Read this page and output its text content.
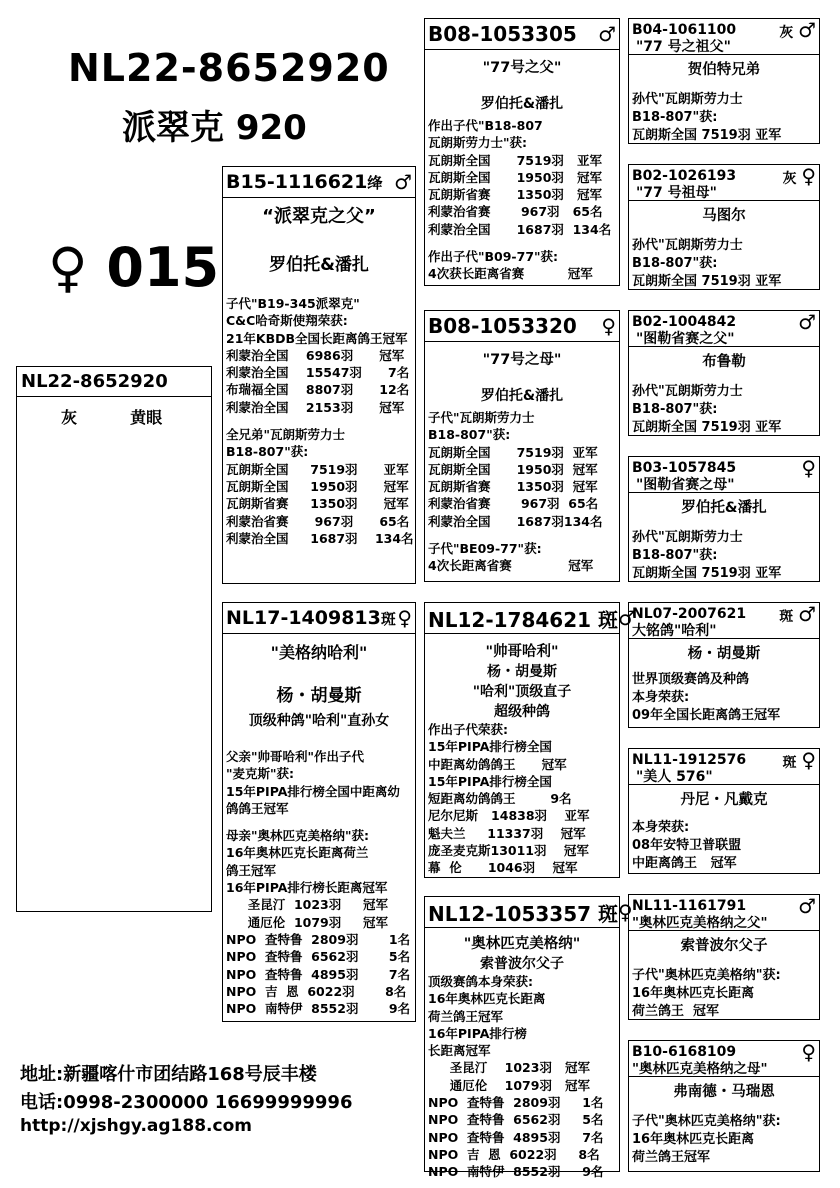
NL22-8652920
派翠克 920
♀ 015
NL22-8652920
灰	黄眼
B15-1116621绛 ♂
“派翠克之父”
罗伯托&潘扎
子代"B19-345派翠克"
C&C哈奇斯使翔荣获:
21年KBDB全国长距离鸽王冠军
利蒙治全国    6986羽      冠军
利蒙治全国    15547羽      7名
布瑞福全国    8807羽      12名
利蒙治全国    2153羽      冠军
全兄弟"瓦朗斯劳力士
B18-807"获:
瓦朗斯全国     7519羽      亚军
瓦朗斯全国     1950羽      冠军
瓦朗斯省赛     1350羽      冠军
利蒙治省赛      967羽      65名
利蒙治全国     1687羽    134名
NL17-1409813斑 ♀
"美格纳哈利"
杨・胡曼斯
顶级种鸽"哈利"直孙女
父亲"帅哥哈利"作出子代
"麦克斯"获:
15年PIPA排行榜全国中距离幼
鸽鸽王冠军
母亲"奥林匹克美格纳"获:
16年奥林匹克长距离荷兰
鸽王冠军
16年PIPA排行榜长距离冠军
圣昆汀  1023羽     冠军
通厄伦  1079羽     冠军
NPO  查特鲁  2809羽       1名
NPO  查特鲁  6562羽       5名
NPO  查特鲁  4895羽       7名
NPO  吉  恩  6022羽       8名
NPO  南特伊  8552羽       9名
B08-1053305 ♂
"77号之父"
罗伯托&潘扎
作出子代"B18-807
瓦朗斯劳力士"获:
瓦朗斯全国      7519羽   亚军
瓦朗斯全国      1950羽   冠军
瓦朗斯省赛      1350羽   冠军
利蒙治省赛       967羽   65名
利蒙治全国      1687羽  134名
作出子代"B09-77"获:
4次获长距离省赛          冠军
B08-1053320 ♀
"77号之母"
罗伯托&潘扎
子代"瓦朗斯劳力士
B18-807"获:
瓦朗斯全国      7519羽  亚军
瓦朗斯全国      1950羽  冠军
瓦朗斯省赛      1350羽  冠军
利蒙治省赛       967羽  65名
利蒙治全国      1687羽134名
子代"BE09-77"获:
4次长距离省赛             冠军
NL12-1784621 斑 ♂
"帅哥哈利"
杨・胡曼斯
"哈利"顶级直子
超级种鸽
作出子代荣获:
15年PIPA排行榜全国
中距离幼鸽鸽王      冠军
15年PIPA排行榜全国
短距离幼鸽鸽王        9名
尼尔尼斯   14838羽    亚军
魁夫兰     11337羽    冠军
庞圣麦克斯13011羽    冠军
幕  伦      1046羽    冠军
NL12-1053357 斑 ♀
"奥林匹克美格纳"
索普波尔父子
顶级赛鸽本身荣获:
16年奥林匹克长距离
荷兰鸽王冠军
16年PIPA排行榜
长距离冠军
圣昆汀    1023羽   冠军
通厄伦    1079羽   冠军
NPO  查特鲁  2809羽     1名
NPO  查特鲁  6562羽     5名
NPO  查特鲁  4895羽     7名
NPO  吉  恩  6022羽     8名
NPO  南特伊  8552羽     9名
B04-1061100	灰 ♂
"77 号之祖父"
贺伯特兄弟
孙代"瓦朗斯劳力士
B18-807"获:
瓦朗斯全国 7519羽 亚军
B02-1026193	灰 ♀
"77 号祖母"
马图尔
孙代"瓦朗斯劳力士
B18-807"获:
瓦朗斯全国 7519羽 亚军
B02-1004842	♂
"图勒省赛之父"
布鲁勒
孙代"瓦朗斯劳力士
B18-807"获:
瓦朗斯全国 7519羽 亚军
B03-1057845	♀
"图勒省赛之母"
罗伯托&潘扎
孙代"瓦朗斯劳力士
B18-807"获:
瓦朗斯全国 7519羽 亚军
NL07-2007621 斑 ♂
大铭鸽"哈利"
杨・胡曼斯
世界顶级赛鸽及种鸽
本身荣获:
09年全国长距离鸽王冠军
NL11-1912576	斑 ♀
"美人 576"
丹尼・凡戴克
本身荣获:
08年安特卫普联盟
中距离鸽王   冠军
NL11-1161791	♂
"奥林匹克美格纳之父"
索普波尔父子
子代"奥林匹克美格纳"获:
16年奥林匹克长距离
荷兰鸽王  冠军
B10-6168109	♀
"奥林匹克美格纳之母"
弗南德・马瑞恩
子代"奥林匹克美格纳"获:
16年奥林匹克长距离
荷兰鸽王冠军
地址:新疆喀什市团结路168号辰丰楼
电话:0998-2300000 16699999996
http://xjshgy.ag188.com
